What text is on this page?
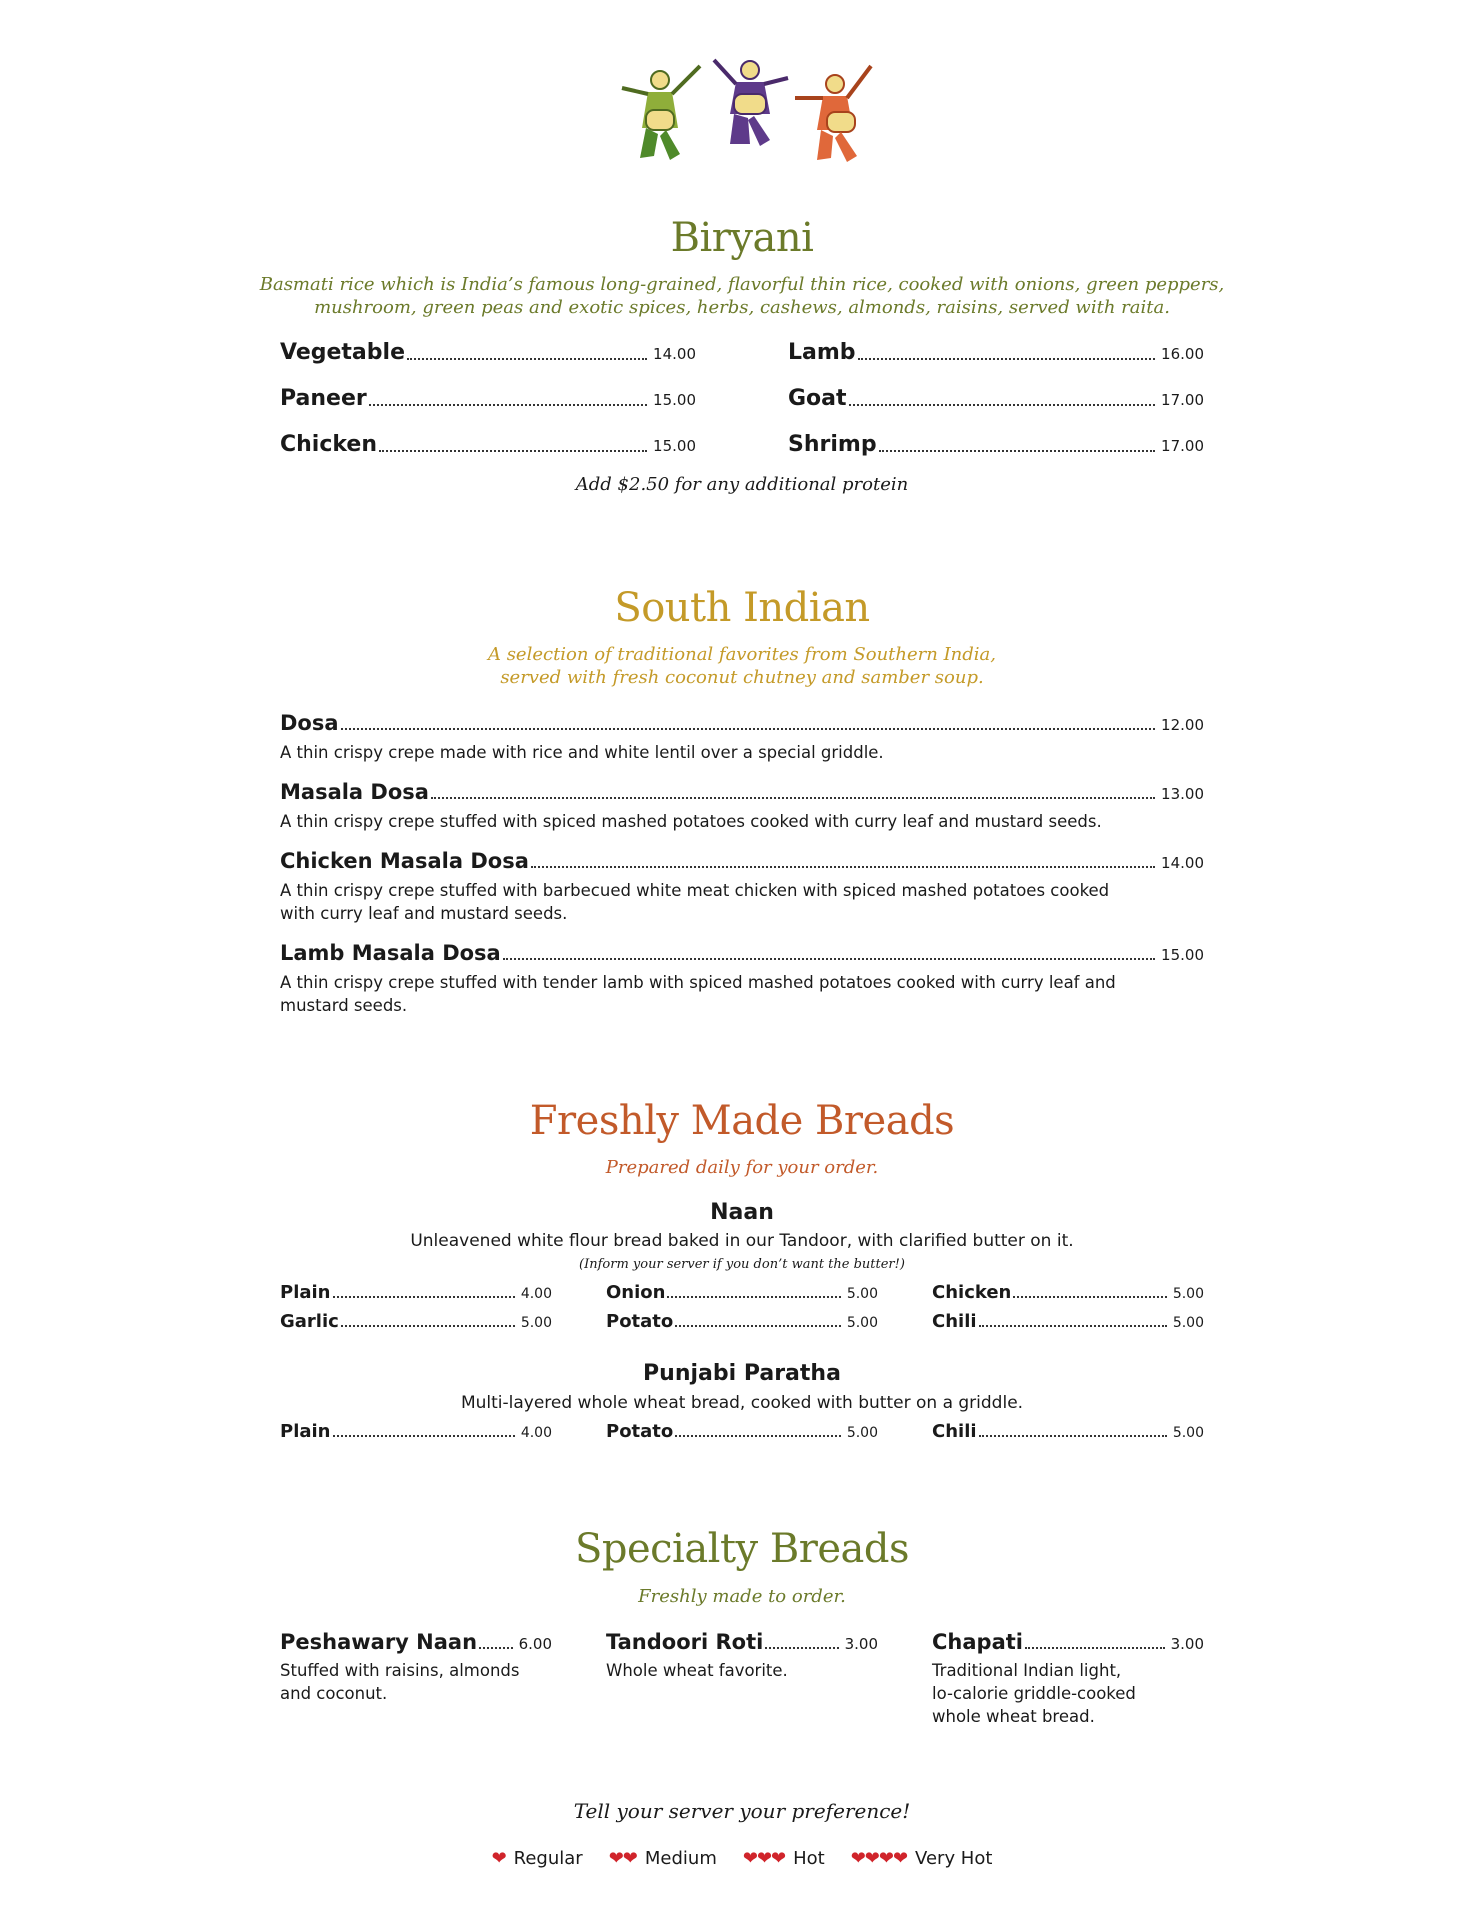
Biryani
Basmati rice which is India’s famous long-grained, flavorful thin rice, cooked with onions, green peppers,
mushroom, green peas and exotic spices, herbs, cashews, almonds, raisins, served with raita.
Vegetable	14.00
Paneer	15.00
Chicken	15.00
Lamb	16.00
Goat	17.00
Shrimp	17.00
Add $2.50 for any additional protein
South Indian
A selection of traditional favorites from Southern India,
served with fresh coconut chutney and samber soup.
Dosa	12.00
A thin crispy crepe made with rice and white lentil over a special griddle.
Masala Dosa	13.00
A thin crispy crepe stuffed with spiced mashed potatoes cooked with curry leaf and mustard seeds.
Chicken Masala Dosa	14.00
A thin crispy crepe stuffed with barbecued white meat chicken with spiced mashed potatoes cooked
with curry leaf and mustard seeds.
Lamb Masala Dosa	15.00
A thin crispy crepe stuffed with tender lamb with spiced mashed potatoes cooked with curry leaf and
mustard seeds.
Freshly Made Breads
Prepared daily for your order.
Naan
Unleavened white flour bread baked in our Tandoor, with clarified butter on it.
(Inform your server if you don’t want the butter!)
Plain	4.00
Garlic	5.00
Onion	5.00
Potato	5.00
Chicken	5.00
Chili	5.00
Punjabi Paratha
Multi-layered whole wheat bread, cooked with butter on a griddle.
Plain	4.00	Potato	5.00	Chili	5.00
Specialty Breads
Freshly made to order.
Peshawary Naan	6.00
Stuffed with raisins, almonds
and coconut.
Tandoori Roti	3.00
Whole wheat favorite.
Chapati	3.00
Traditional Indian light,
lo-calorie griddle-cooked
whole wheat bread.
Tell your server your preference!
❤ Regular ❤❤ Medium ❤❤❤ Hot ❤❤❤❤ Very Hot
